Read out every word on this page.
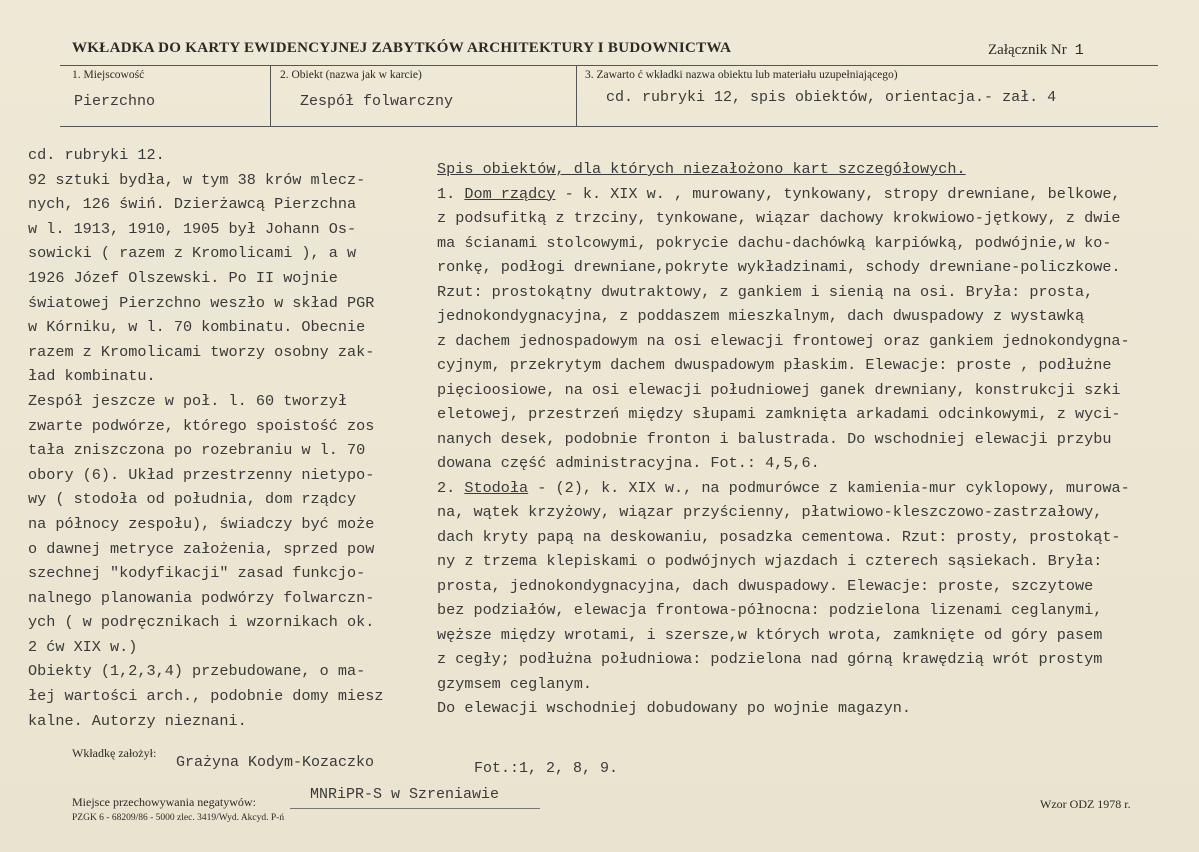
WKŁADKA DO KARTY EWIDENCYJNEJ ZABYTKÓW ARCHITEKTURY I BUDOWNICTWA	Załącznik Nr 1
1. Miejscowość
Pierzchno
2. Obiekt (nazwa jak w karcie)
Zespół folwarczny
3. Zawarto ć wkładki nazwa obiektu lub materiału uzupełniającego)
cd. rubryki 12, spis obiektów, orientacja.- zał. 4
cd. rubryki 12.
92 sztuki bydła, w tym 38 krów mlecz-
nych, 126 świń. Dzierżawcą Pierzchna
w l. 1913, 1910, 1905 był Johann Os-
sowicki ( razem z Kromolicami ), a w
1926 Józef Olszewski. Po II wojnie
światowej Pierzchno weszło w skład PGR
w Kórniku, w l. 70 kombinatu. Obecnie
razem z Kromolicami tworzy osobny zak-
ład kombinatu.
Zespół jeszcze w poł. l. 60 tworzył
zwarte podwórze, którego spoistość zos
tała zniszczona po rozebraniu w l. 70
obory (6). Układ przestrzenny nietypo-
wy ( stodoła od południa, dom rządcy
na północy zespołu), świadczy być może
o dawnej metryce założenia, sprzed pow
szechnej "kodyfikacji" zasad funkcjo-
nalnego planowania podwórzy folwarczn-
ych ( w podręcznikach i wzornikach ok.
2 ćw XIX w.)
Obiekty (1,2,3,4) przebudowane, o ma-
łej wartości arch., podobnie domy miesz
kalne. Autorzy nieznani.
Spis obiektów, dla których niezałożono kart szczegółowych.
1. Dom rządcy - k. XIX w. , murowany, tynkowany, stropy drewniane, belkowe,
z podsufitką z trzciny, tynkowane, wiązar dachowy krokwiowo-jętkowy, z dwie
ma ścianami stolcowymi, pokrycie dachu-dachówką karpiówką, podwójnie,w ko-
ronkę, podłogi drewniane,pokryte wykładzinami, schody drewniane-policzkowe.
Rzut: prostokątny dwutraktowy, z gankiem i sienią na osi. Bryła: prosta,
jednokondygnacyjna, z poddaszem mieszkalnym, dach dwuspadowy z wystawką
z dachem jednospadowym na osi elewacji frontowej oraz gankiem jednokondygna-
cyjnym, przekrytym dachem dwuspadowym płaskim. Elewacje: proste , podłużne
pięcioosiowe, na osi elewacji południowej ganek drewniany, konstrukcji szki
eletowej, przestrzeń między słupami zamknięta arkadami odcinkowymi, z wyci-
nanych desek, podobnie fronton i balustrada. Do wschodniej elewacji przybu
dowana część administracyjna. Fot.: 4,5,6.
2. Stodoła - (2), k. XIX w., na podmurówce z kamienia-mur cyklopowy, murowa-
na, wątek krzyżowy, wiązar przyścienny, płatwiowo-kleszczowo-zastrzałowy,
dach kryty papą na deskowaniu, posadzka cementowa. Rzut: prosty, prostokąt-
ny z trzema klepiskami o podwójnych wjazdach i czterech sąsiekach. Bryła:
prosta, jednokondygnacyjna, dach dwuspadowy. Elewacje: proste, szczytowe
bez podziałów, elewacja frontowa-północna: podzielona lizenami ceglanymi,
węższe między wrotami, i szersze,w których wrota, zamknięte od góry pasem
z cegły; podłużna południowa: podzielona nad górną krawędzią wrót prostym
gzymsem ceglanym.
Do elewacji wschodniej dobudowany po wojnie magazyn.
Wkładkę założył:
Grażyna Kodym-Kozaczko	Fot.:1, 2, 8, 9.
Miejsce przechowywania negatywów:	MNRiPR-S w Szreniawie
PZGK 6 - 68209/86 - 5000 zlec. 3419/Wyd. Akcyd. P-ń
Wzor ODZ 1978 r.
